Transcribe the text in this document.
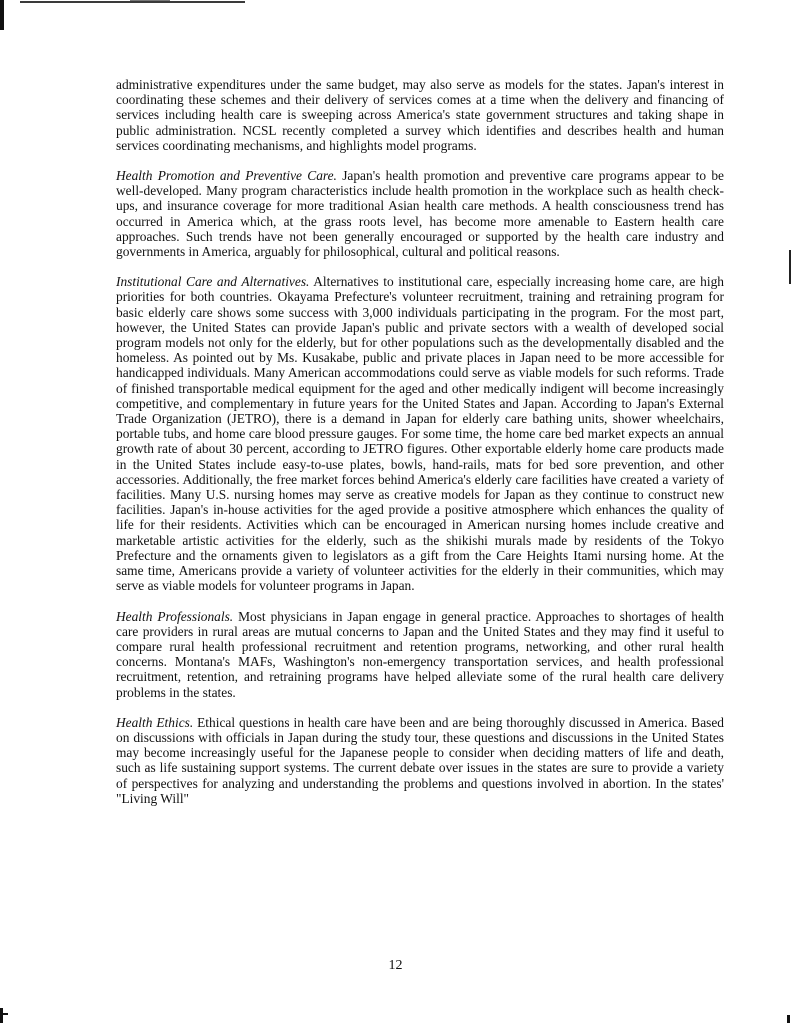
administrative expenditures under the same budget, may also serve as models for the states. Japan's interest in coordinating these schemes and their delivery of services comes at a time when the delivery and financing of services including health care is sweeping across America's state government structures and taking shape in public administration. NCSL recently completed a survey which identifies and describes health and human services coordinating mechanisms, and highlights model programs.

Health Promotion and Preventive Care. Japan's health promotion and preventive care programs appear to be well-developed. Many program characteristics include health promotion in the workplace such as health check-ups, and insurance coverage for more traditional Asian health care methods. A health consciousness trend has occurred in America which, at the grass roots level, has become more amenable to Eastern health care approaches. Such trends have not been generally encouraged or supported by the health care industry and governments in America, arguably for philosophical, cultural and political reasons.

Institutional Care and Alternatives. Alternatives to institutional care, especially increasing home care, are high priorities for both countries. Okayama Prefecture's volunteer recruitment, training and retraining program for basic elderly care shows some success with 3,000 individuals participating in the program. For the most part, however, the United States can provide Japan's public and private sectors with a wealth of developed social program models not only for the elderly, but for other populations such as the developmentally disabled and the homeless. As pointed out by Ms. Kusakabe, public and private places in Japan need to be more accessible for handicapped individuals. Many American accommodations could serve as viable models for such reforms. Trade of finished transportable medical equipment for the aged and other medically indigent will become increasingly competitive, and complementary in future years for the United States and Japan. According to Japan's External Trade Organization (JETRO), there is a demand in Japan for elderly care bathing units, shower wheelchairs, portable tubs, and home care blood pressure gauges. For some time, the home care bed market expects an annual growth rate of about 30 percent, according to JETRO figures. Other exportable elderly home care products made in the United States include easy-to-use plates, bowls, hand-rails, mats for bed sore prevention, and other accessories. Additionally, the free market forces behind America's elderly care facilities have created a variety of facilities. Many U.S. nursing homes may serve as creative models for Japan as they continue to construct new facilities. Japan's in-house activities for the aged provide a positive atmosphere which enhances the quality of life for their residents. Activities which can be encouraged in American nursing homes include creative and marketable artistic activities for the elderly, such as the shikishi murals made by residents of the Tokyo Prefecture and the ornaments given to legislators as a gift from the Care Heights Itami nursing home. At the same time, Americans provide a variety of volunteer activities for the elderly in their communities, which may serve as viable models for volunteer programs in Japan.

Health Professionals. Most physicians in Japan engage in general practice. Approaches to shortages of health care providers in rural areas are mutual concerns to Japan and the United States and they may find it useful to compare rural health professional recruitment and retention programs, networking, and other rural health concerns. Montana's MAFs, Washington's non-emergency transportation services, and health professional recruitment, retention, and retraining programs have helped alleviate some of the rural health care delivery problems in the states.

Health Ethics. Ethical questions in health care have been and are being thoroughly discussed in America. Based on discussions with officials in Japan during the study tour, these questions and discussions in the United States may become increasingly useful for the Japanese people to consider when deciding matters of life and death, such as life sustaining support systems. The current debate over issues in the states are sure to provide a variety of perspectives for analyzing and understanding the problems and questions involved in abortion. In the states' "Living Will"

12
